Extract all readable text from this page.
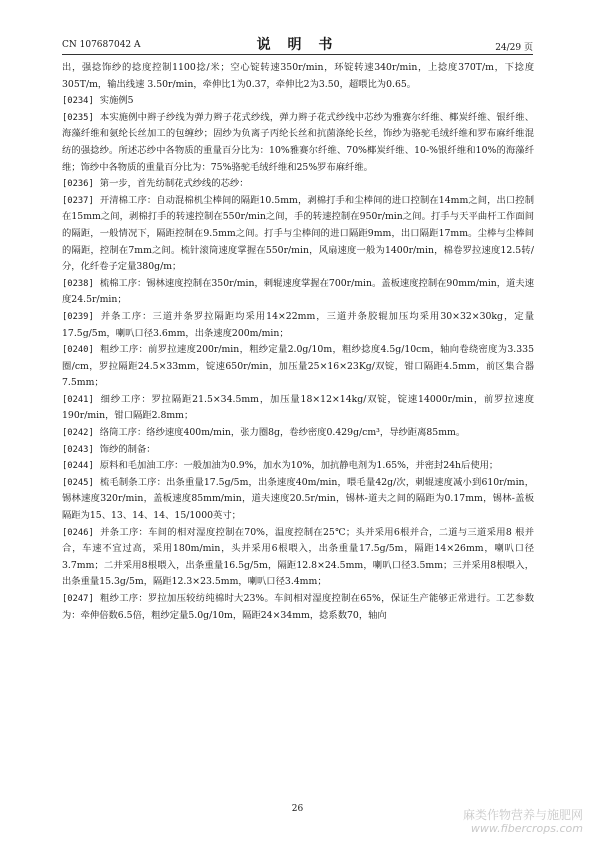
CN 107687042 A	说 明 书	24/29 页
出，强捻饰纱的捻度控制1100捻/米；空心锭转速350r/min，环锭转速340r/min，上捻度370T/m，下捻度305T/m，输出线速 3.50r/min，牵伸比1为0.37，牵伸比2为3.50，超喂比为0.65。
[0234] 实施例5
[0235] 本实施例中辫子纱线为弹力辫子花式纱线，弹力辫子花式纱线中芯纱为雅赛尔纤维、椰炭纤维、银纤维、海藻纤维和氨纶长丝加工的包缠纱；固纱为负离子丙纶长丝和抗菌涤纶长丝，饰纱为骆驼毛绒纤维和罗布麻纤维混纺的强捻纱。所述芯纱中各物质的重量百分比为：10%雅赛尔纤维、70%椰炭纤维、10-%银纤维和10%的海藻纤维；饰纱中各物质的重量百分比为：75%骆驼毛绒纤维和25%罗布麻纤维。
[0236] 第一步，首先纺制花式纱线的芯纱：
[0237] 开清棉工序：自动混棉机尘棒间的隔距10.5mm，剥棉打手和尘棒间的进口控制在14mm之间，出口控制在15mm之间，剥棉打手的转速控制在550r/min之间，手的转速控制在950r/min之间。打手与天平曲杆工作面间的隔距，一般情况下，隔距控制在9.5mm之间。打手与尘棒间的进口隔距9mm，出口隔距17mm。尘棒与尘棒间的隔距，控制在7mm之间。梳针滚筒速度掌握在550r/min，风扇速度一般为1400r/min，棉卷罗拉速度12.5转/分，化纤卷子定量380g/m；
[0238] 梳棉工序：锡林速度控制在350r/min，刺辊速度掌握在700r/min。盖板速度控制在90mm/min，道夫速度24.5r/min；
[0239] 并条工序：三道并条罗拉隔距均采用14×22mm，三道并条胶辊加压均采用30×32×30kg，定量17.5g/5m，喇叭口径3.6mm，出条速度200m/min；
[0240] 粗纱工序：前罗拉速度200r/min，粗纱定量2.0g/10m，粗纱捻度4.5g/10cm，轴向卷绕密度为3.335 圈/cm，罗拉隔距24.5×33mm，锭速650r/min，加压量25×16×23Kg/双锭，钳口隔距4.5mm，前区集合器7.5mm；
[0241] 细纱工序：罗拉隔距21.5×34.5mm，加压量18×12×14kg/双锭，锭速14000r/min，前罗拉速度190r/min，钳口隔距2.8mm；
[0242] 络筒工序：络纱速度400m/min，张力圈8g，卷纱密度0.429g/cm³，导纱距离85mm。
[0243] 饰纱的制备：
[0244] 原料和毛加油工序：一般加油为0.9%，加水为10%，加抗静电剂为1.65%，并密封24h后使用；
[0245] 梳毛制条工序：出条重量17.5g/5m，出条速度40m/min，喂毛量42g/次，刺辊速度减小到610r/min，锡林速度320r/min，盖板速度85mm/min，道夫速度20.5r/min，锡林-道夫之间的隔距为0.17mm，锡林-盖板隔距为15、13、14、14、15/1000英寸；
[0246] 并条工序：车间的相对湿度控制在70%，温度控制在25℃；头并采用6根并合，二道与三道采用8 根并合，车速不宜过高，采用180m/min，头并采用6根喂入，出条重量17.5g/5m，隔距14×26mm，喇叭口径3.7mm；二并采用8根喂入，出条重量16.5g/5m，隔距12.8×24.5mm，喇叭口径3.5mm；三并采用8根喂入，出条重量15.3g/5m，隔距12.3×23.5mm，喇叭口径3.4mm；
[0247] 粗纱工序：罗拉加压较纺纯棉时大23%。车间相对湿度控制在65%，保证生产能够正常进行。工艺参数为：牵伸倍数6.5倍，粗纱定量5.0g/10m，隔距24×34mm，捻系数70，轴向
26	麻类作物营养与施肥网
www.fibercrops.com
